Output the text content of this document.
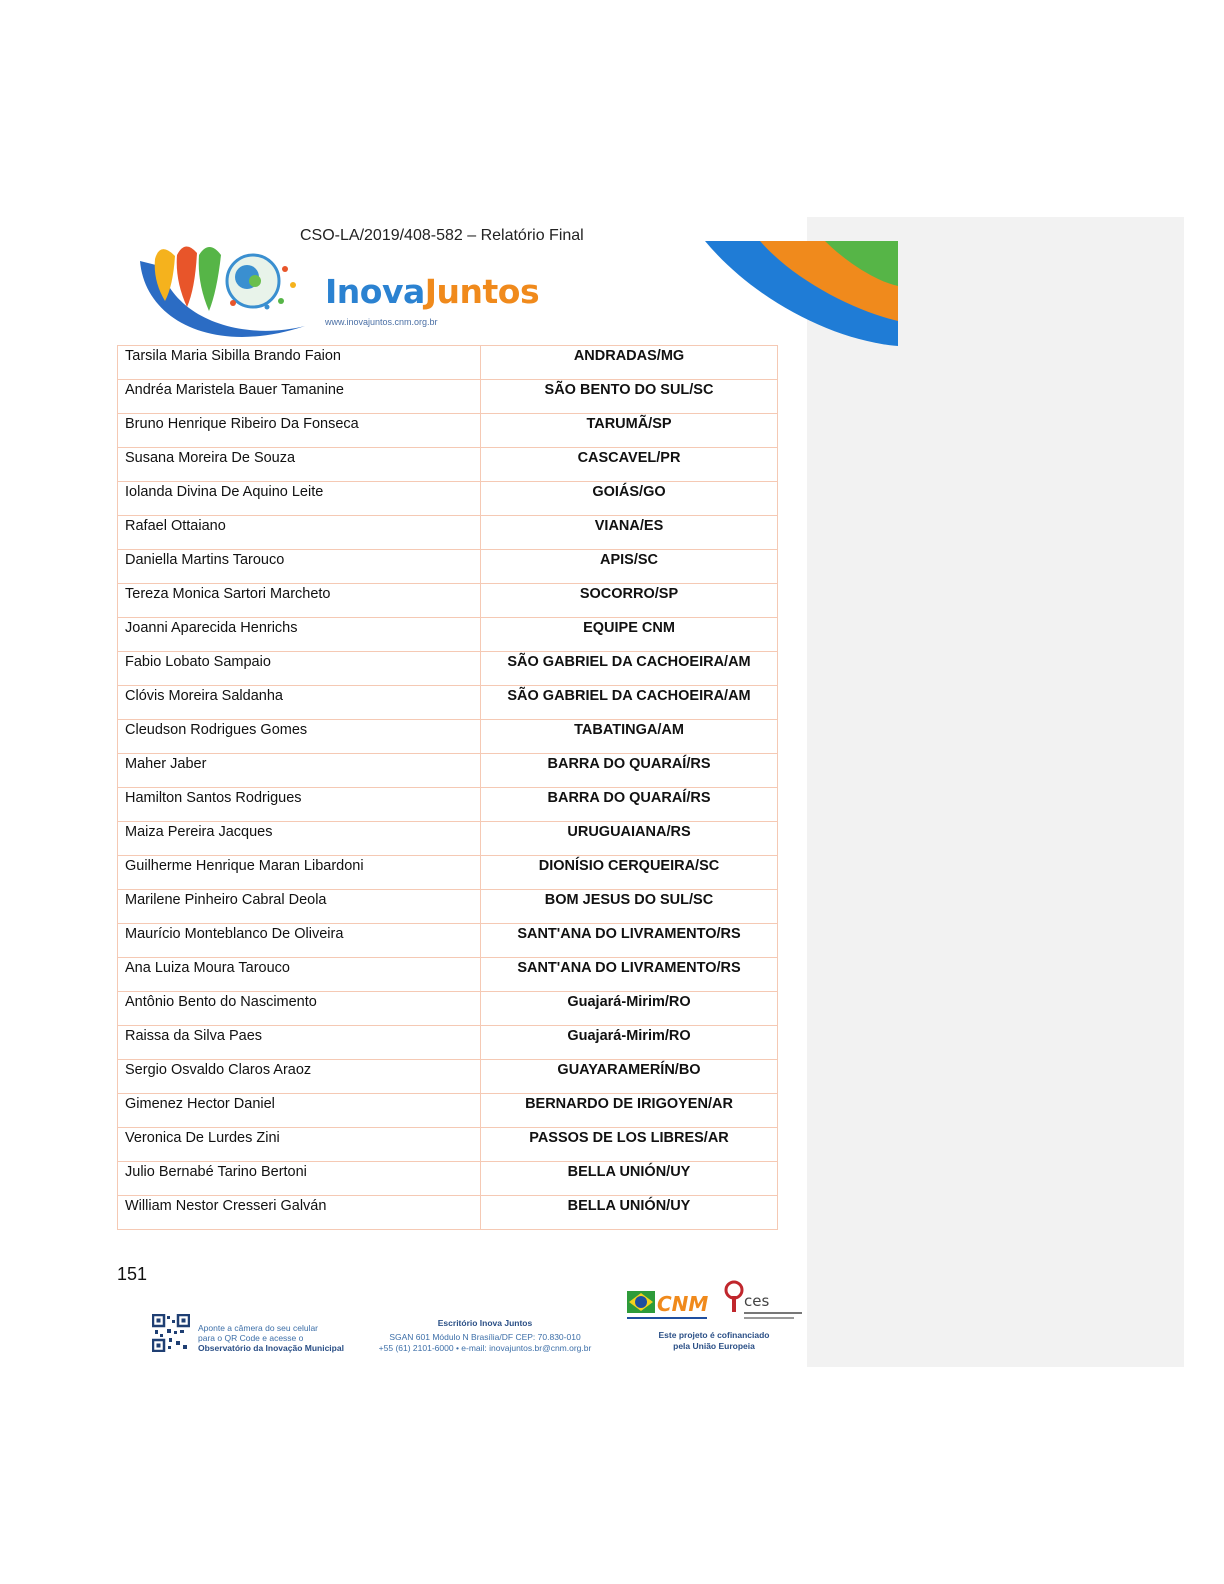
CSO-LA/2019/408-582 – Relatório Final
InovaJuntos
www.inovajuntos.cnm.org.br
Tarsila Maria Sibilla Brando Faion	ANDRADAS/MG
Andréa Maristela Bauer Tamanine	SÃO BENTO DO SUL/SC
Bruno Henrique Ribeiro Da Fonseca	TARUMÃ/SP
Susana Moreira De Souza	CASCAVEL/PR
Iolanda Divina De Aquino Leite	GOIÁS/GO
Rafael Ottaiano	VIANA/ES
Daniella Martins Tarouco	APIS/SC
Tereza Monica Sartori Marcheto	SOCORRO/SP
Joanni Aparecida Henrichs	EQUIPE CNM
Fabio Lobato Sampaio	SÃO GABRIEL DA CACHOEIRA/AM
Clóvis Moreira Saldanha	SÃO GABRIEL DA CACHOEIRA/AM
Cleudson Rodrigues Gomes	TABATINGA/AM
Maher Jaber	BARRA DO QUARAÍ/RS
Hamilton Santos Rodrigues	BARRA DO QUARAÍ/RS
Maiza Pereira Jacques	URUGUAIANA/RS
Guilherme Henrique Maran Libardoni	DIONÍSIO CERQUEIRA/SC
Marilene Pinheiro Cabral Deola	BOM JESUS DO SUL/SC
Maurício Monteblanco De Oliveira	SANT'ANA DO LIVRAMENTO/RS
Ana Luiza Moura Tarouco	SANT'ANA DO LIVRAMENTO/RS
Antônio Bento do Nascimento	Guajará-Mirim/RO
Raissa da Silva Paes	Guajará-Mirim/RO
Sergio Osvaldo Claros Araoz	GUAYARAMERÍN/BO
Gimenez Hector Daniel	BERNARDO DE IRIGOYEN/AR
Veronica De Lurdes Zini	PASSOS DE LOS LIBRES/AR
Julio Bernabé Tarino Bertoni	BELLA UNIÓN/UY
William Nestor Cresseri Galván	BELLA UNIÓN/UY
151
Aponte a câmera do seu celular
para o QR Code e acesse o
Observatório da Inovação Municipal
Escritório Inova Juntos
SGAN 601 Módulo N Brasília/DF CEP: 70.830-010
+55 (61) 2101-6000 • e-mail: inovajuntos.br@cnm.org.br
CNM ces
Este projeto é cofinanciado
pela União Europeia
